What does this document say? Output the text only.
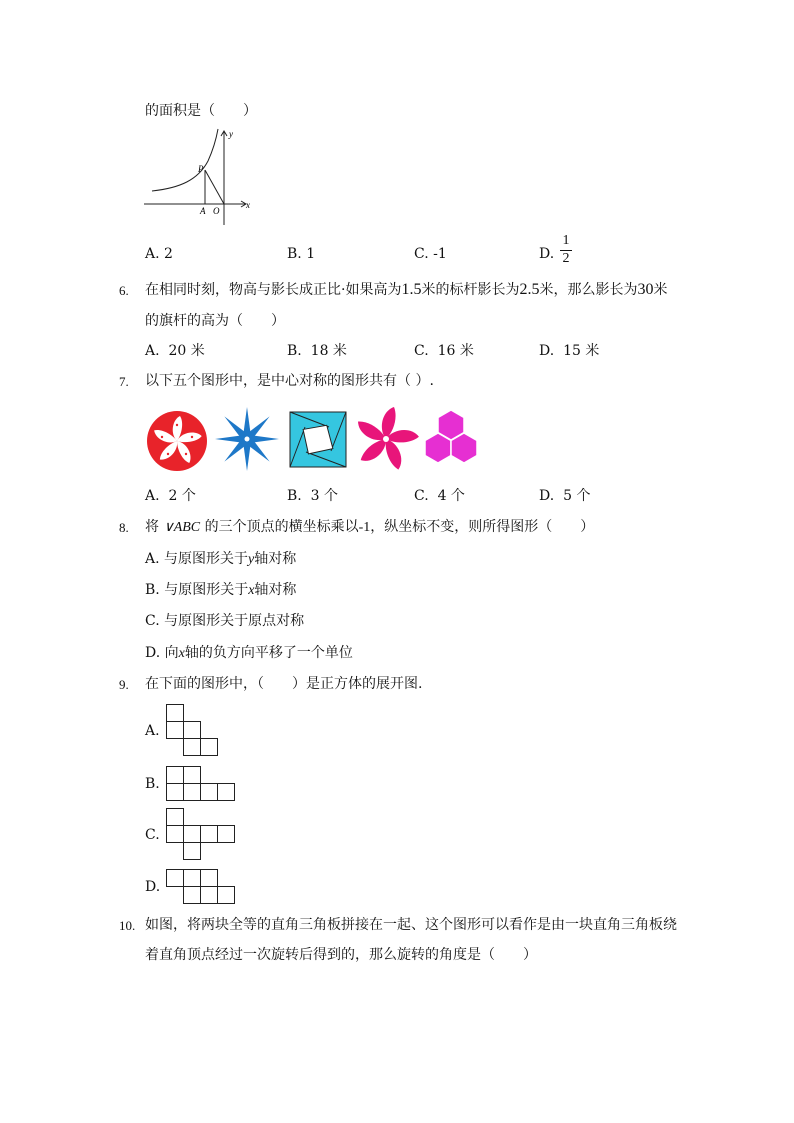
的面积是（　　）
y
x
O
P
A
A. 2	B. 1	C. -1	D. $\frac{1}{2}$
6. 在相同时刻，物高与影长成正比·如果高为1.5米的标杆影长为2.5米，那么影长为30米
的旗杆的高为（　　）
A. 20 米	B. 18 米	C. 16 米	D. 15 米
7. 以下五个图形中，是中心对称的图形共有（ ）.
A. 2 个	B. 3 个	C. 4 个	D. 5 个
8. 将 ∨ABC 的三个顶点的横坐标乘以-1，纵坐标不变，则所得图形（　　）
A. 与原图形关于y轴对称
B. 与原图形关于x轴对称
C. 与原图形关于原点对称
D. 向x轴的负方向平移了一个单位
9. 在下面的图形中，（　　）是正方体的展开图.
A.
B.
C.
D.
10. 如图，将两块全等的直角三角板拼接在一起、这个图形可以看作是由一块直角三角板绕
着直角顶点经过一次旋转后得到的，那么旋转的角度是（　　）
